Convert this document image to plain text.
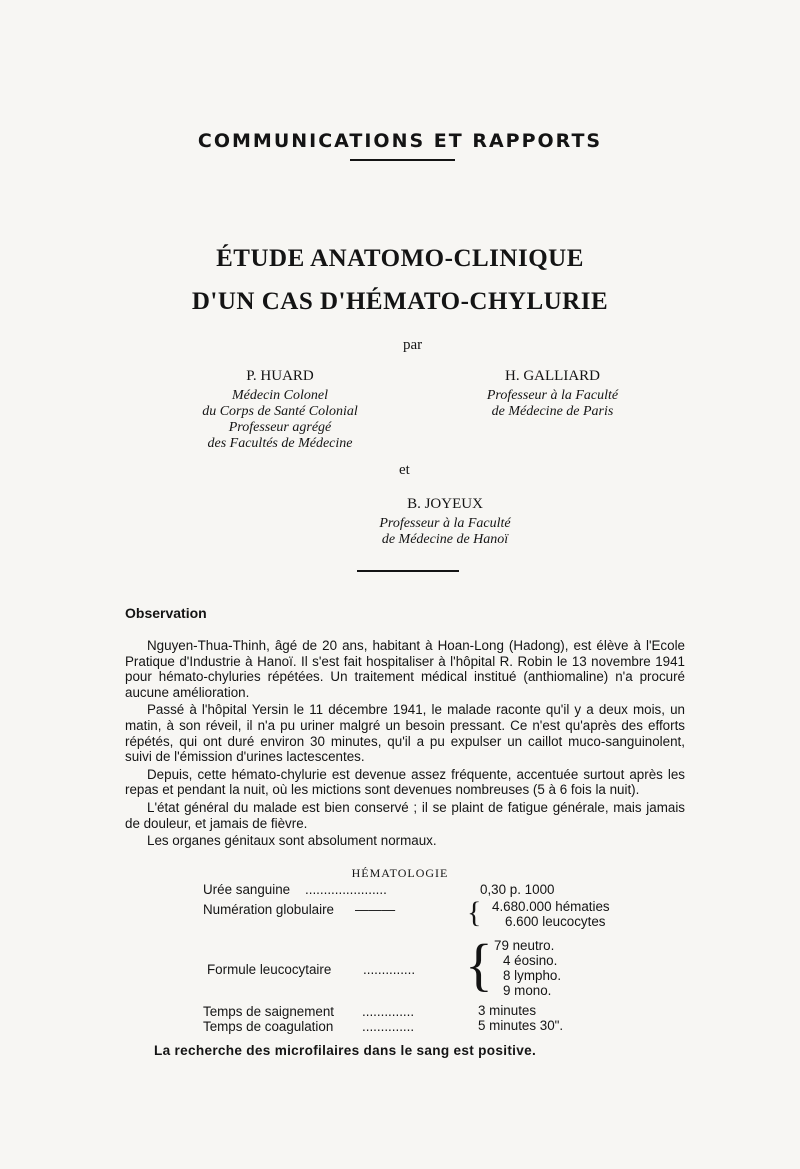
COMMUNICATIONS ET RAPPORTS
ÉTUDE ANATOMO-CLINIQUE
D'UN CAS D'HÉMATO-CHYLURIE
par
P. HUARD
Médecin Colonel
du Corps de Santé Colonial
Professeur agrégé
des Facultés de Médecine
H. GALLIARD
Professeur à la Faculté
de Médecine de Paris
et
B. JOYEUX
Professeur à la Faculté
de Médecine de Hanoï
Observation

Nguyen-Thua-Thinh, âgé de 20 ans, habitant à Hoan-Long (Hadong), est élève à l'Ecole Pratique d'Industrie à Hanoï. Il s'est fait hospitaliser à l'hôpital R. Robin le 13 novembre 1941 pour hémato-chyluries répétées. Un traitement médical institué (anthiomaline) n'a procuré aucune amélioration.

Passé à l'hôpital Yersin le 11 décembre 1941, le malade raconte qu'il y a deux mois, un matin, à son réveil, il n'a pu uriner malgré un besoin pressant. Ce n'est qu'après des efforts répétés, qui ont duré environ 30 minutes, qu'il a pu expulser un caillot muco-sanguinolent, suivi de l'émission d'urines lactescentes.

Depuis, cette hémato-chylurie est devenue assez fréquente, accentuée surtout après les repas et pendant la nuit, où les mictions sont devenues nombreuses (5 à 6 fois la nuit).

L'état général du malade est bien conservé ; il se plaint de fatigue générale, mais jamais de douleur, et jamais de fièvre.

Les organes génitaux sont absolument normaux.

HÉMATOLOGIE
Urée sanguine ......................	0,30 p. 1000
Numération globulaire ——— { 4.680.000 hématies
6.600 leucocytes
Formule leucocytaire .............. { 79 neutro.
4 éosino.
8 lympho.
9 mono.
Temps de saignement ..............	3 minutes
Temps de coagulation ..............	5 minutes 30".
La recherche des microfilaires dans le sang est positive.
